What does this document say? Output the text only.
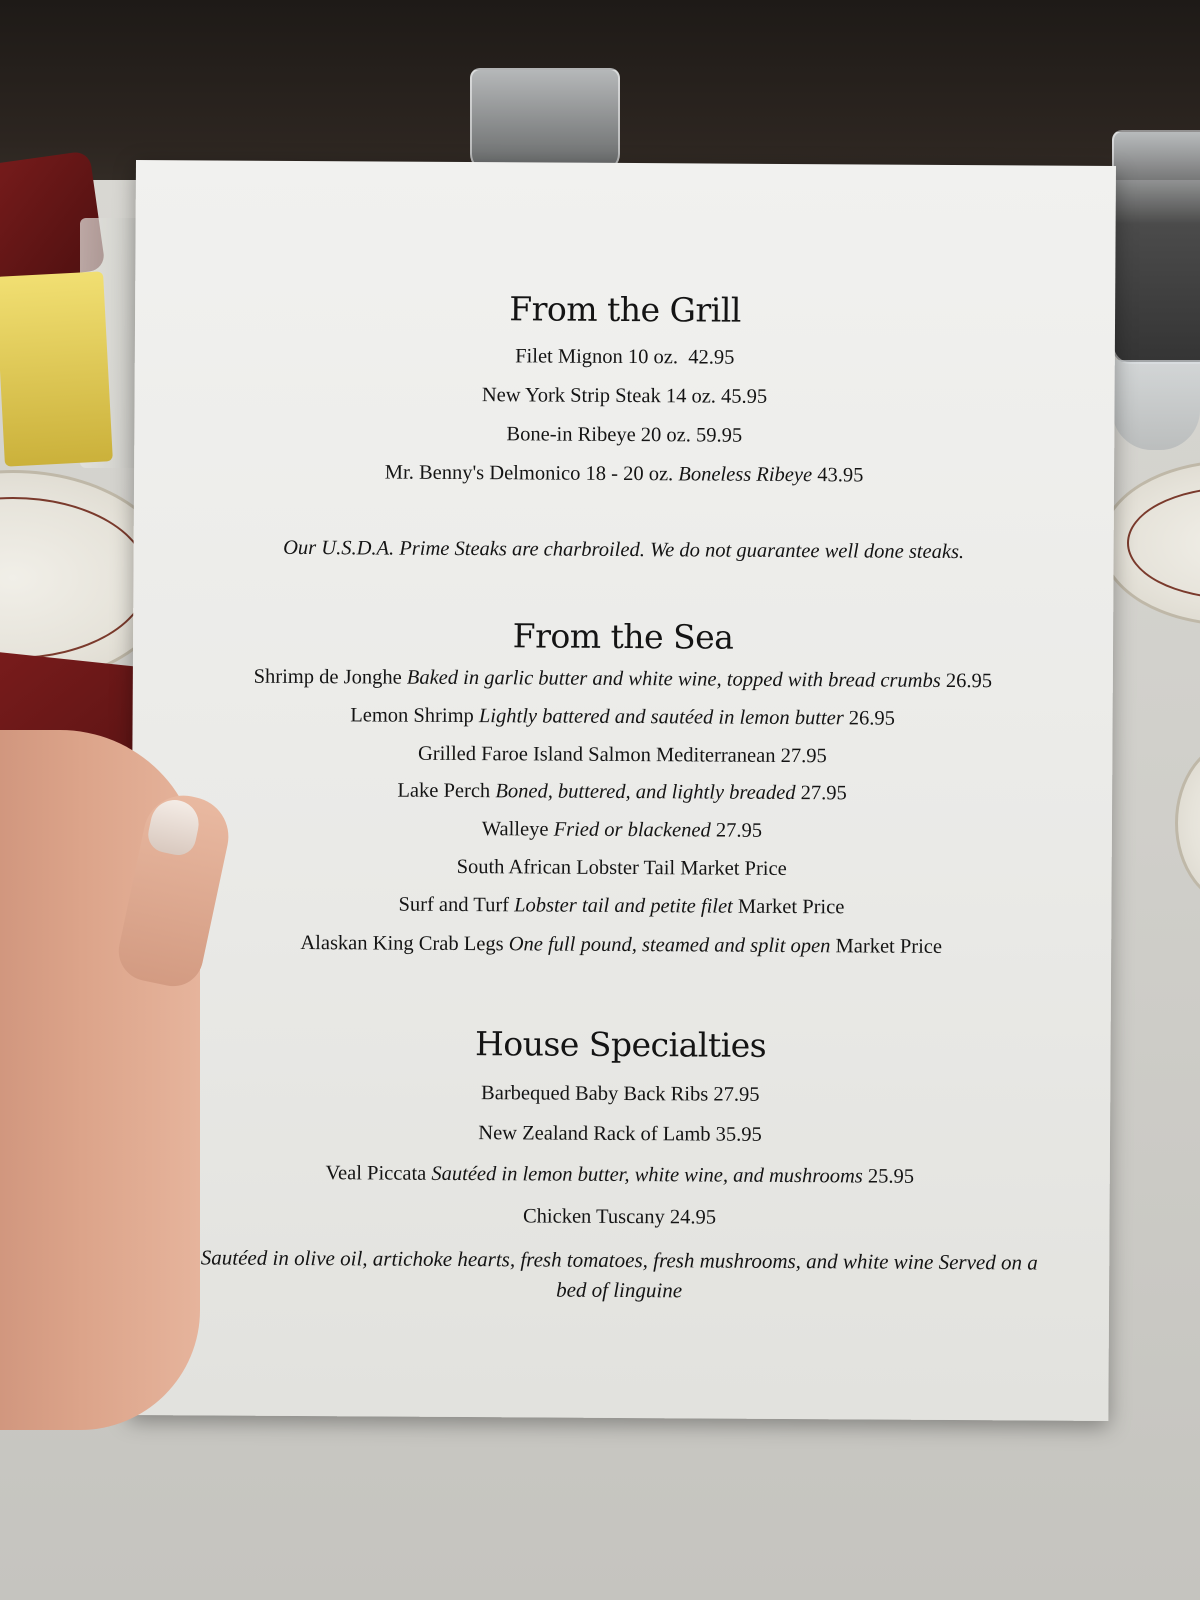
From the Grill
Filet Mignon 10 oz. 42.95
New York Strip Steak 14 oz. 45.95
Bone-in Ribeye 20 oz. 59.95
Mr. Benny's Delmonico 18 - 20 oz. Boneless Ribeye 43.95
Our U.S.D.A. Prime Steaks are charbroiled. We do not guarantee well done steaks.
From the Sea
Shrimp de Jonghe Baked in garlic butter and white wine, topped with bread crumbs 26.95
Lemon Shrimp Lightly battered and sautéed in lemon butter 26.95
Grilled Faroe Island Salmon Mediterranean 27.95
Lake Perch Boned, buttered, and lightly breaded 27.95
Walleye Fried or blackened 27.95
South African Lobster Tail Market Price
Surf and Turf Lobster tail and petite filet Market Price
Alaskan King Crab Legs One full pound, steamed and split open Market Price
House Specialties
Barbequed Baby Back Ribs 27.95
New Zealand Rack of Lamb 35.95
Veal Piccata Sautéed in lemon butter, white wine, and mushrooms 25.95
Chicken Tuscany 24.95
Sautéed in olive oil, artichoke hearts, fresh tomatoes, fresh mushrooms, and white wine Served on a bed of linguine
